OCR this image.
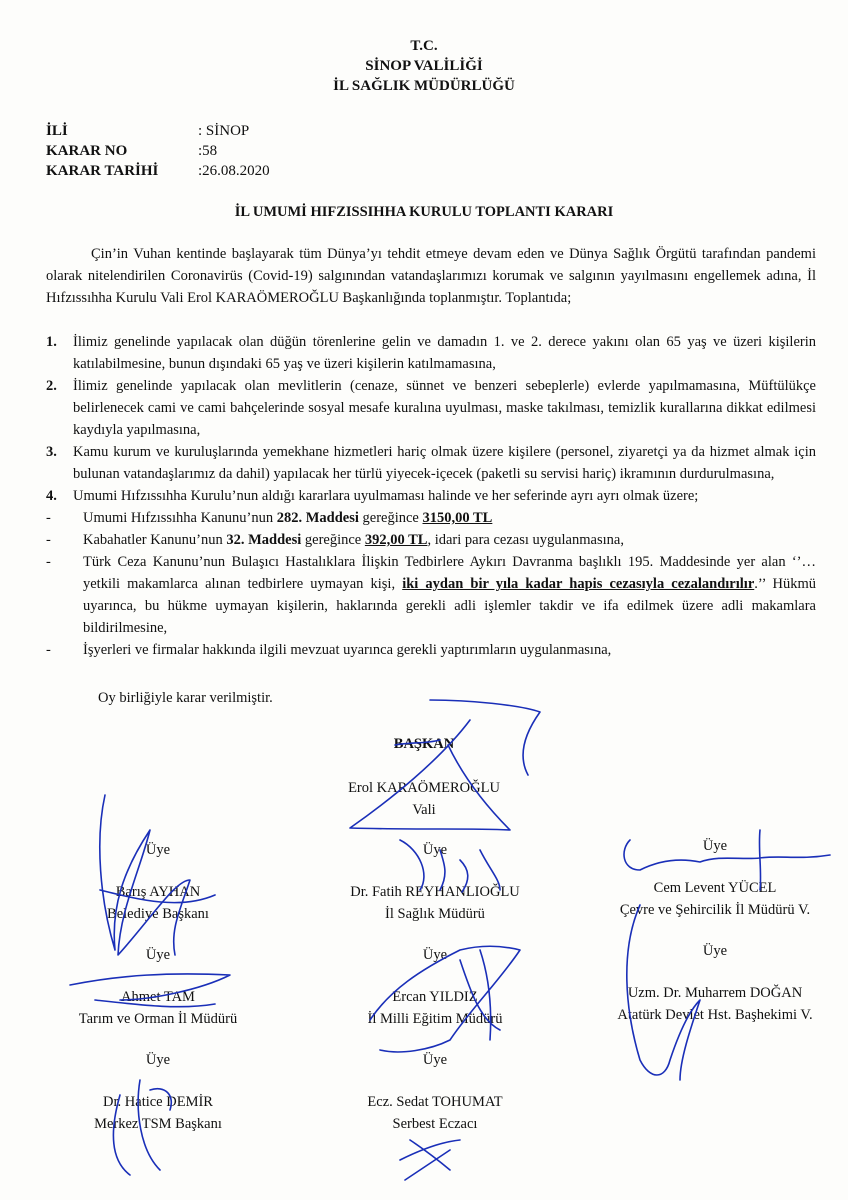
T.C.
SİNOP VALİLİĞİ
İL SAĞLIK MÜDÜRLÜĞÜ
İLİ	: SİNOP
KARAR NO	:58
KARAR TARİHİ	:26.08.2020
İL UMUMİ HIFZISSIHHA KURULU TOPLANTI KARARI
Çin’in Vuhan kentinde başlayarak tüm Dünya’yı tehdit etmeye devam eden ve Dünya Sağlık Örgütü tarafından pandemi olarak nitelendirilen Coronavirüs (Covid-19) salgınından vatandaşlarımızı korumak ve salgının yayılmasını engellemek adına, İl Hıfzıssıhha Kurulu Vali Erol KARAÖMEROĞLU Başkanlığında toplanmıştır. Toplantıda;
1.	İlimiz genelinde yapılacak olan düğün törenlerine gelin ve damadın 1. ve 2. derece yakını olan 65 yaş ve üzeri kişilerin katılabilmesine, bunun dışındaki 65 yaş ve üzeri kişilerin katılmamasına,
2.	İlimiz genelinde yapılacak olan mevlitlerin (cenaze, sünnet ve benzeri sebeplerle) evlerde yapılmamasına, Müftülükçe belirlenecek cami ve cami bahçelerinde sosyal mesafe kuralına uyulması, maske takılması, temizlik kurallarına dikkat edilmesi kaydıyla yapılmasına,
3.	Kamu kurum ve kuruluşlarında yemekhane hizmetleri hariç olmak üzere kişilere (personel, ziyaretçi ya da hizmet almak için bulunan vatandaşlarımız da dahil) yapılacak her türlü yiyecek-içecek (paketli su servisi hariç) ikramının durdurulmasına,
4.	Umumi Hıfzıssıhha Kurulu’nun aldığı kararlara uyulmaması halinde ve her seferinde ayrı ayrı olmak üzere;
-	Umumi Hıfzıssıhha Kanunu’nun 282. Maddesi gereğince 3150,00 TL
-	Kabahatler Kanunu’nun 32. Maddesi gereğince 392,00 TL, idari para cezası uygulanmasına,
-	Türk Ceza Kanunu’nun Bulaşıcı Hastalıklara İlişkin Tedbirlere Aykırı Davranma başlıklı 195. Maddesinde yer alan ‘’… yetkili makamlarca alınan tedbirlere uymayan kişi, iki aydan bir yıla kadar hapis cezasıyla cezalandırılır.’’ Hükmü uyarınca, bu hükme uymayan kişilerin, haklarında gerekli adli işlemler takdir ve ifa edilmek üzere adli makamlara bildirilmesine,
-	İşyerleri ve firmalar hakkında ilgili mevzuat uyarınca gerekli yaptırımların uygulanmasına,
Oy birliğiyle karar verilmiştir.
BAŞKAN
Erol KARAÖMEROĞLU
Vali
Üye
Barış AYHAN
Belediye Başkanı
Üye
Dr. Fatih REYHANLIOĞLU
İl Sağlık Müdürü
Üye
Cem Levent YÜCEL
Çevre ve Şehircilik İl Müdürü V.
Üye
Ahmet TAM
Tarım ve Orman İl Müdürü
Üye
Ercan YILDIZ
İl Milli Eğitim Müdürü
Üye
Uzm. Dr. Muharrem DOĞAN
Atatürk Devlet Hst. Başhekimi V.
Üye
Dr. Hatice DEMİR
Merkez TSM Başkanı
Üye
Ecz. Sedat TOHUMAT
Serbest Eczacı
